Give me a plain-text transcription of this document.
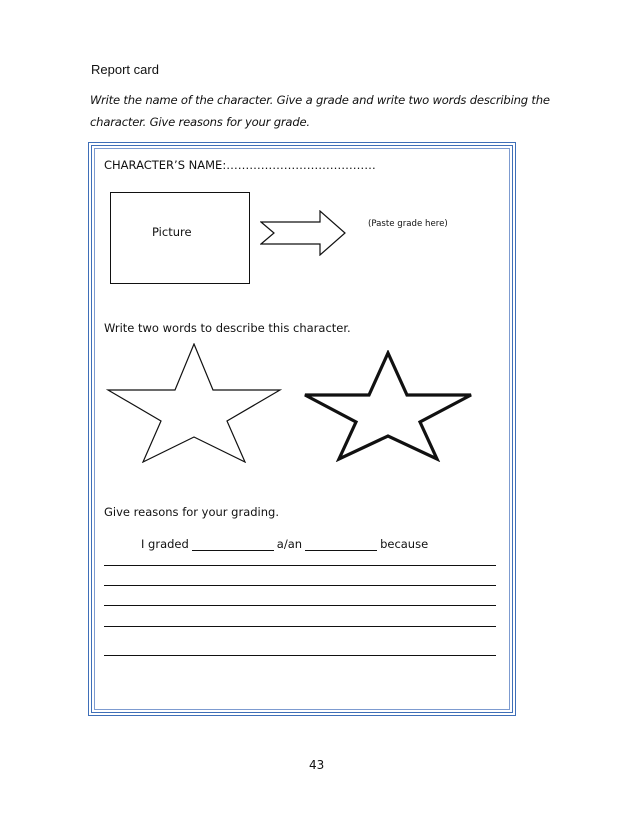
Report card
Write the name of the character. Give a grade and write two words describing the
character. Give reasons for your grade.
CHARACTER’S NAME:…………………………………
Picture
(Paste grade here)
Write two words to describe this character.
Give reasons for your grading.
I graded	a/an	because
43
